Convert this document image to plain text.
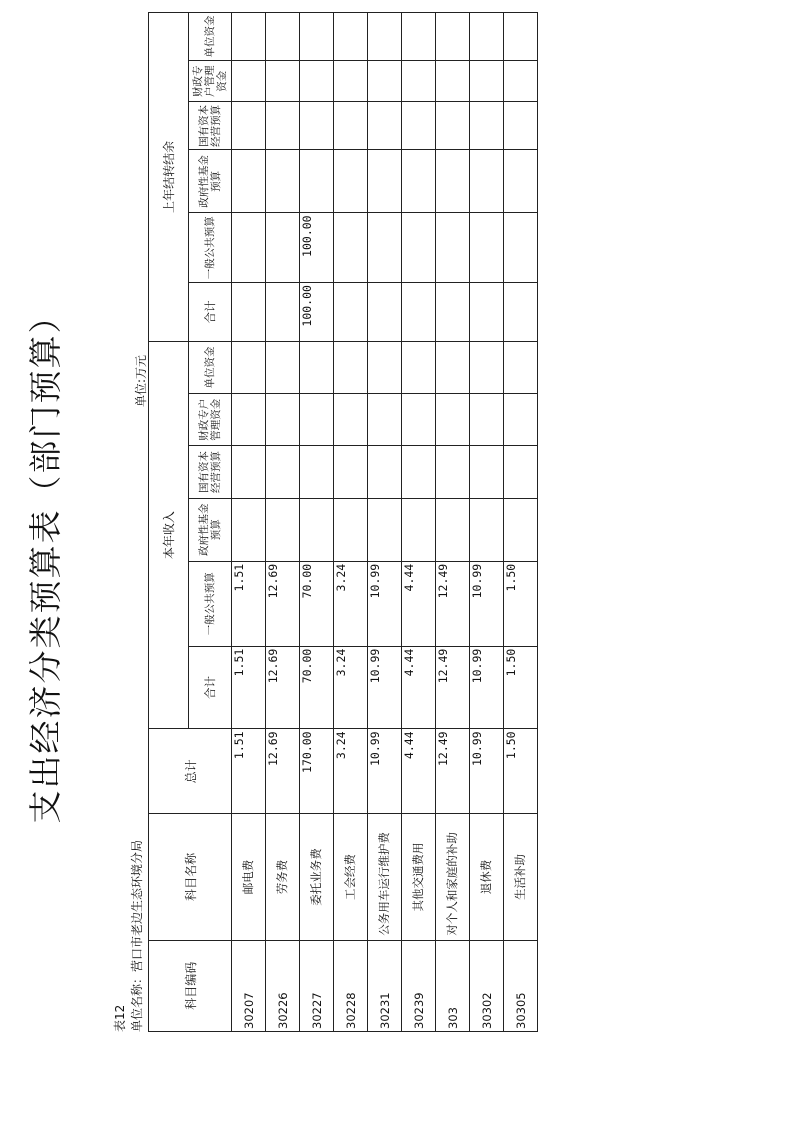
支出经济分类预算表（部门预算）
表12 单位名称：营口市老边生态环境分局
单位:万元
科目编码	科目名称	总计	本年收入						上年结转结余					
			合计	一般公共预算	政府性基金预算	国有资本经营预算	财政专户管理资金	单位资金	合计	一般公共预算	政府性基金预算	国有资本经营预算	财政专户管理资金	单位资金
30207	邮电费	1.51	1.51	1.51										
30226	劳务费	12.69	12.69	12.69										
30227	委托业务费	170.00	70.00	70.00					100.00	100.00				
30228	工会经费	3.24	3.24	3.24										
30231	公务用车运行维护费	10.99	10.99	10.99										
30239	其他交通费用	4.44	4.44	4.44										
303	对个人和家庭的补助	12.49	12.49	12.49										
30302	退休费	10.99	10.99	10.99										
30305	生活补助	1.50	1.50	1.50										
